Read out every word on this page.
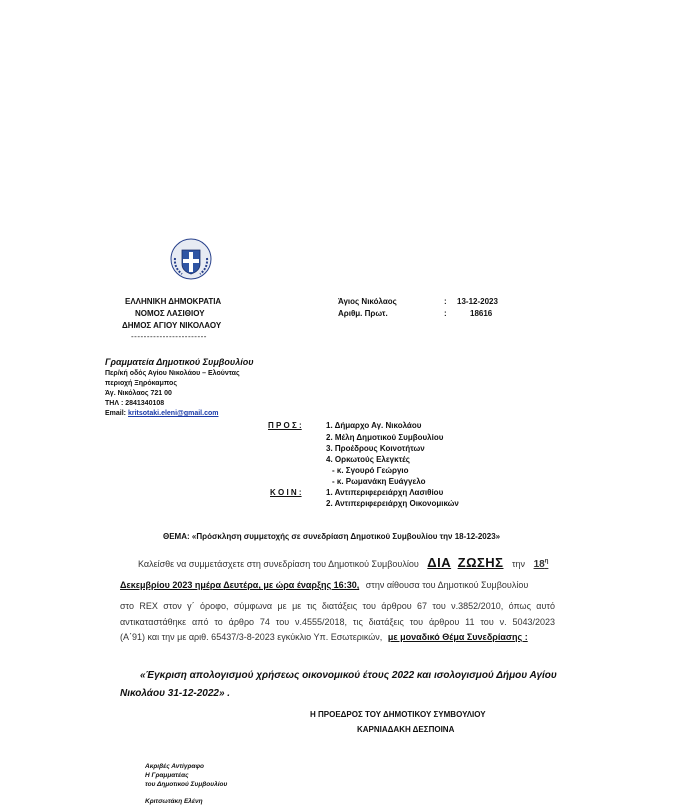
ΕΛΛΗΝΙΚΗ ΔΗΜΟΚΡΑΤΙΑ
ΝΟΜΟΣ ΛΑΣΙΘΙΟΥ
ΔΗΜΟΣ ΑΓΙΟΥ ΝΙΚΟΛΑΟΥ
------------------------
Άγιος Νικόλαος	: 13-12-2023
Αριθμ. Πρωτ.	:	18616
Γραμματεία Δημοτικού Συμβουλίου
Περ/κή οδός Αγίου Νικολάου – Ελούντας
περιοχή Ξηρόκαμπος
Άγ. Νικόλαος 721 00
ΤΗΛ : 2841340108
Email: kritsotaki.eleni@gmail.com
Π Ρ Ο Σ :	1. Δήμαρχο Αγ. Νικολάου
2. Μέλη Δημοτικού Συμβουλίου
3. Προέδρους Κοινοτήτων
4. Ορκωτούς Ελεγκτές
- κ. Σγουρό Γεώργιο
- κ. Ρωμανάκη Ευάγγελο
Κ Ο Ι Ν :	1. Αντιπεριφερειάρχη Λασιθίου
2. Αντιπεριφερειάρχη Οικονομικών
ΘΕΜΑ: «Πρόσκληση συμμετοχής σε συνεδρίαση Δημοτικού Συμβουλίου την 18-12-2023»
Καλείσθε να συμμετάσχετε στη συνεδρίαση του Δημοτικού Συμβουλίου ΔΙΑ ΖΩΣΗΣ την $18^\eta$
Δεκεμβρίου 2023 ημέρα Δευτέρα, με ώρα έναρξης 16:30, στην αίθουσα του Δημοτικού Συμβουλίου
στο REX στον γ΄ όροφο, σύμφωνα με με τις διατάξεις του άρθρου 67 του ν.3852/2010, όπως αυτό
αντικαταστάθηκε από το άρθρο 74 του ν.4555/2018, τις διατάξεις του άρθρου 11 του ν. 5043/2023
(Α΄91) και την με αριθ. 65437/3-8-2023 εγκύκλιο Υπ. Εσωτερικών, με μοναδικό Θέμα Συνεδρίασης :
«Έγκριση απολογισμού χρήσεως οικονομικού έτους 2022 και ισολογισμού Δήμου Αγίου
Νικολάου 31-12-2022» .
Η ΠΡΟΕΔΡΟΣ ΤΟΥ ΔΗΜΟΤΙΚΟΥ ΣΥΜΒΟΥΛΙΟΥ
ΚΑΡΝΙΑΔΑΚΗ ΔΕΣΠΟΙΝΑ
Ακριβές Αντίγραφο
Η Γραμματέας
του Δημοτικού Συμβουλίου
Κριτσωτάκη Ελένη
